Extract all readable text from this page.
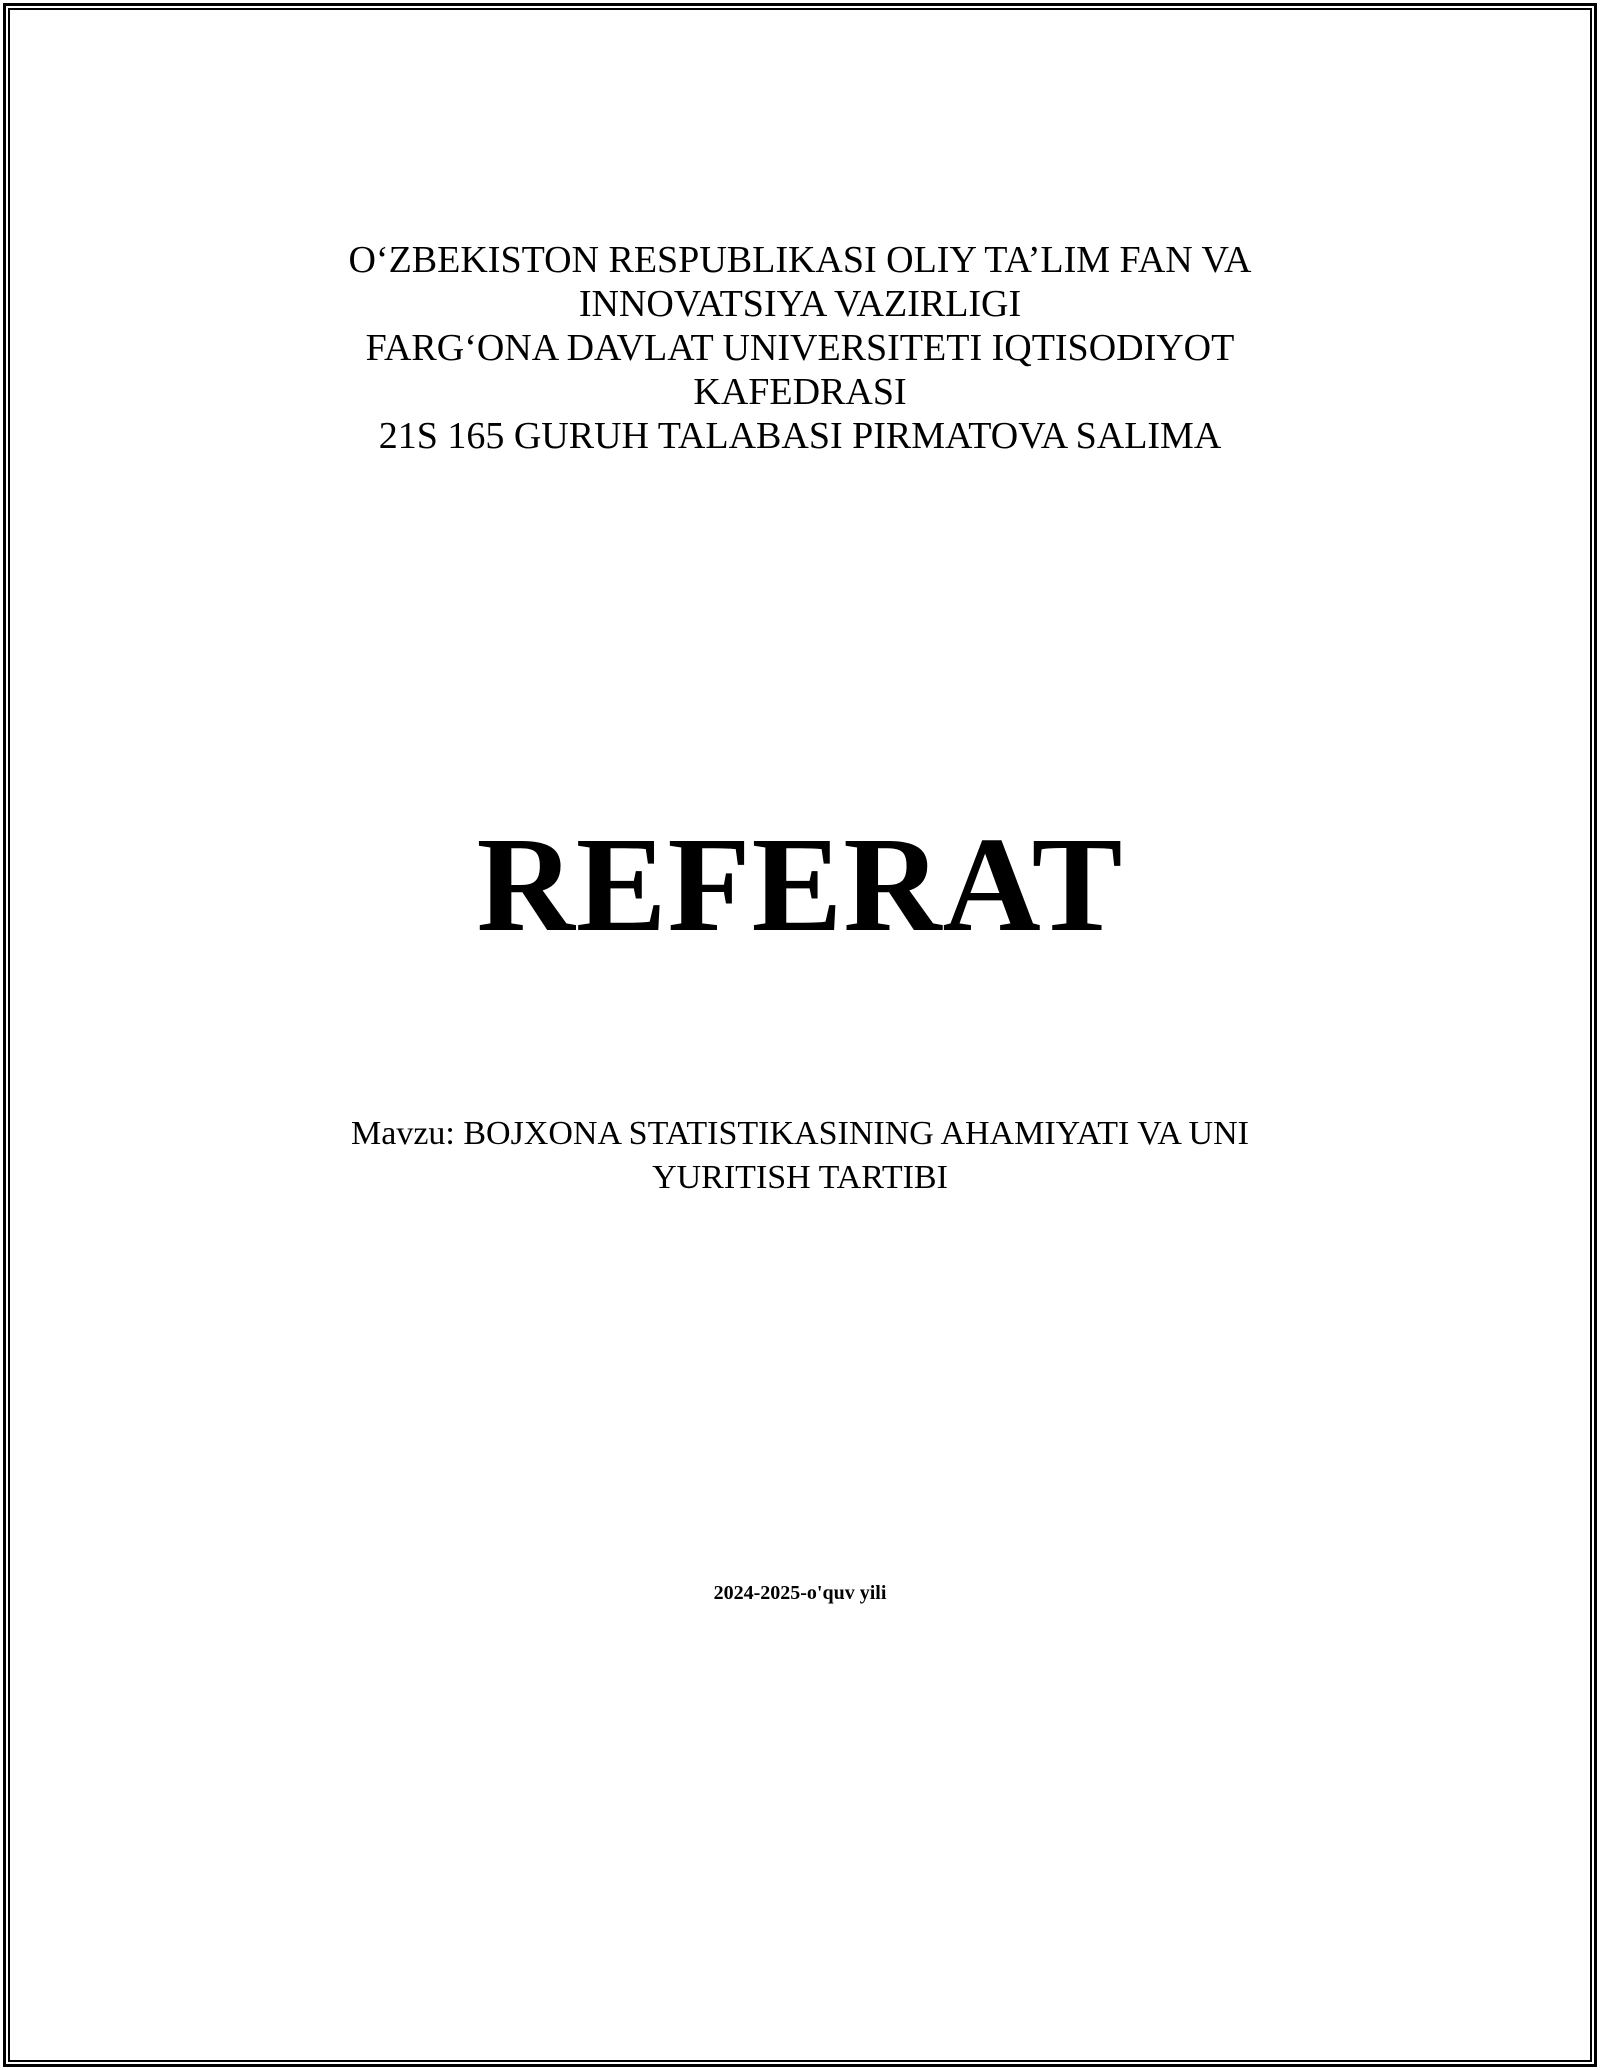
O‘ZBEKISTON RESPUBLIKASI OLIY TA’LIM FAN VA
INNOVATSIYA VAZIRLIGI
FARG‘ONA DAVLAT UNIVERSITETI IQTISODIYOT
KAFEDRASI
21S 165 GURUH TALABASI PIRMATOVA SALIMA
REFERAT
Mavzu: BOJXONA STATISTIKASINING AHAMIYATI VA UNI
YURITISH TARTIBI
2024-2025-o'quv yili
